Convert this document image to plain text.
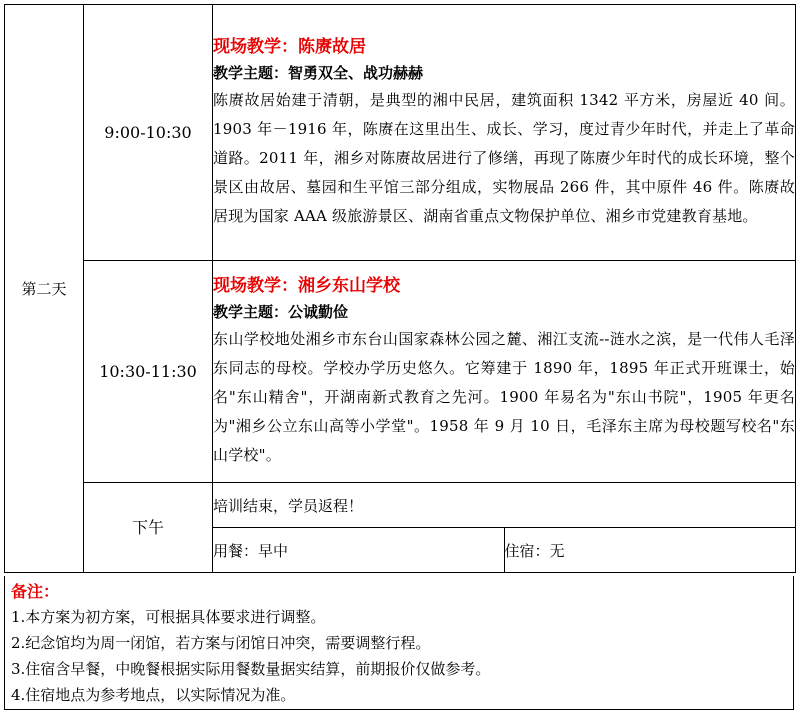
第二天	9:00-10:30	现场教学：陈赓故居
教学主题：智勇双全、战功赫赫
陈赓故居始建于清朝，是典型的湘中民居，建筑面积 1342 平方米，房屋近 40 间。1903 年－1916 年，陈赓在这里出生、成长、学习，度过青少年时代，并走上了革命道路。2011 年，湘乡对陈赓故居进行了修缮，再现了陈赓少年时代的成长环境，整个景区由故居、墓园和生平馆三部分组成，实物展品 266 件，其中原件 46 件。陈赓故居现为国家 AAA 级旅游景区、湖南省重点文物保护单位、湘乡市党建教育基地。	

	10:30-11:30	现场教学：湘乡东山学校
教学主题：公诚勤俭
东山学校地处湘乡市东台山国家森林公园之麓、湘江支流--涟水之滨，是一代伟人毛泽东同志的母校。学校办学历史悠久。它筹建于 1890 年，1895 年正式开班课士，始名"东山精舍"，开湖南新式教育之先河。1900 年易名为"东山书院"，1905 年更名为"湘乡公立东山高等小学堂"。1958 年 9 月 10 日，毛泽东主席为母校题写校名"东山学校"。	

	下午	培训结束，学员返程！	
		用餐：早中	住宿：无
备注：
1.本方案为初方案，可根据具体要求进行调整。
2.纪念馆均为周一闭馆，若方案与闭馆日冲突，需要调整行程。
3.住宿含早餐，中晚餐根据实际用餐数量据实结算，前期报价仅做参考。
4.住宿地点为参考地点，以实际情况为准。
